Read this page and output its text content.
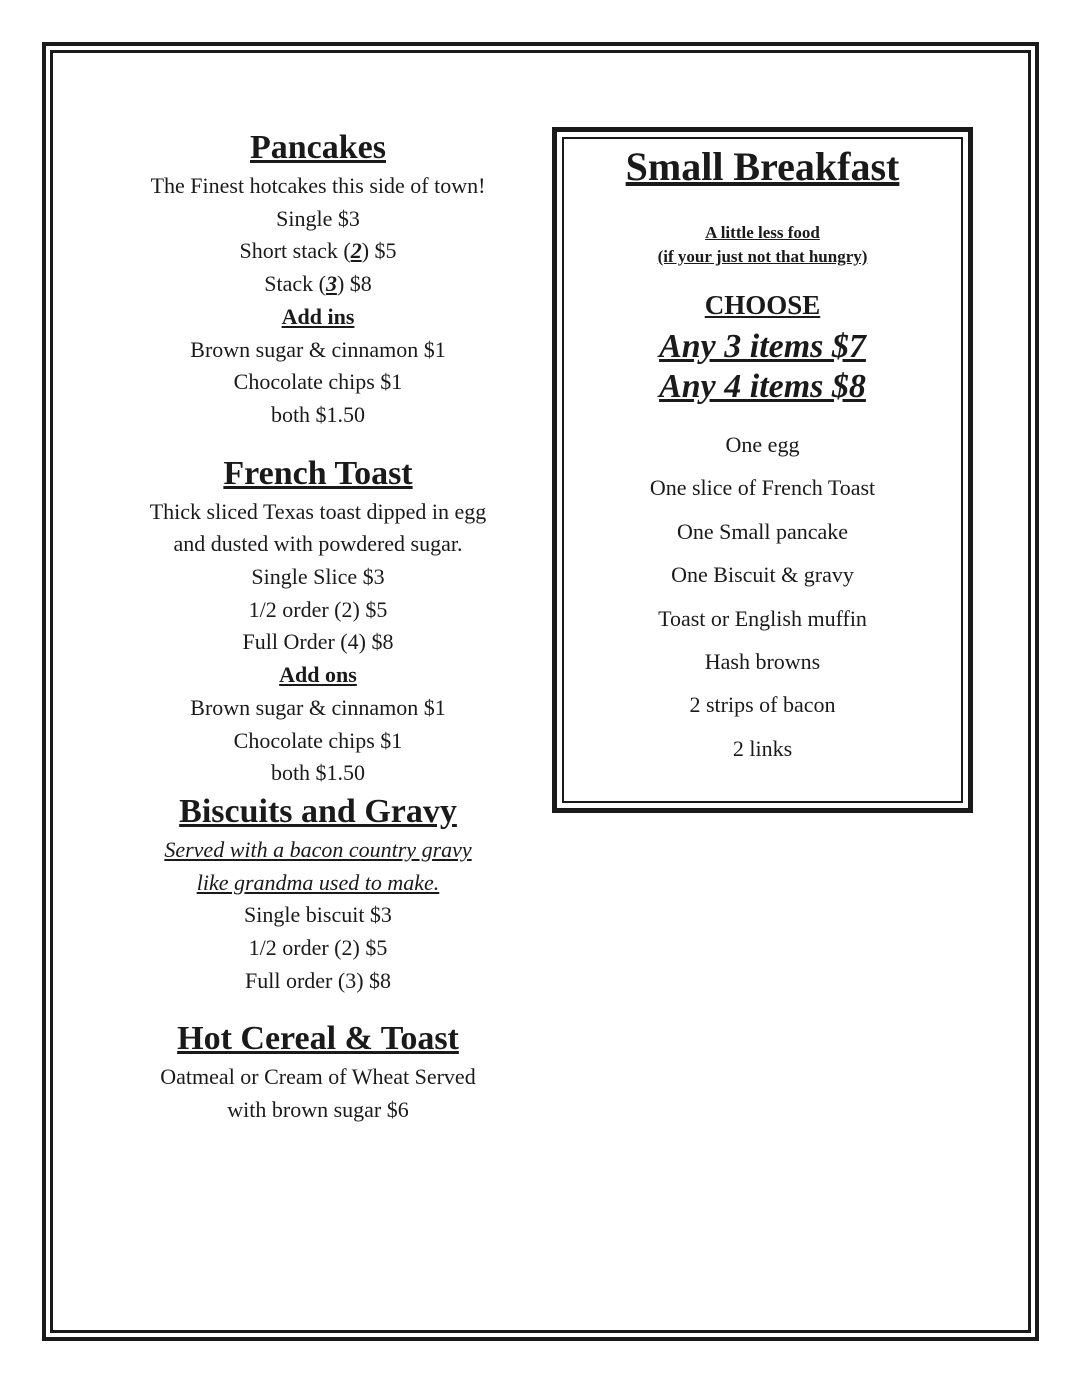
Pancakes

The Finest hotcakes this side of town!

Single $3

Short stack (2) $5

Stack (3) $8

Add ins

Brown sugar & cinnamon $1

Chocolate chips $1

both $1.50

French Toast

Thick sliced Texas toast dipped in egg

and dusted with powdered sugar.

Single Slice $3

1/2 order (2) $5

Full Order (4) $8

Add ons

Brown sugar & cinnamon $1

Chocolate chips $1

both $1.50

Biscuits and Gravy

Served with a bacon country gravy

like grandma used to make.

Single biscuit $3

1/2 order (2) $5

Full order (3) $8

Hot Cereal & Toast

Oatmeal or Cream of Wheat Served

with brown sugar $6

Small Breakfast

A little less food

(if your just not that hungry)

CHOOSE

Any 3 items $7

Any 4 items $8

One egg

One slice of French Toast

One Small pancake

One Biscuit & gravy

Toast or English muffin

Hash browns

2 strips of bacon

2 links
